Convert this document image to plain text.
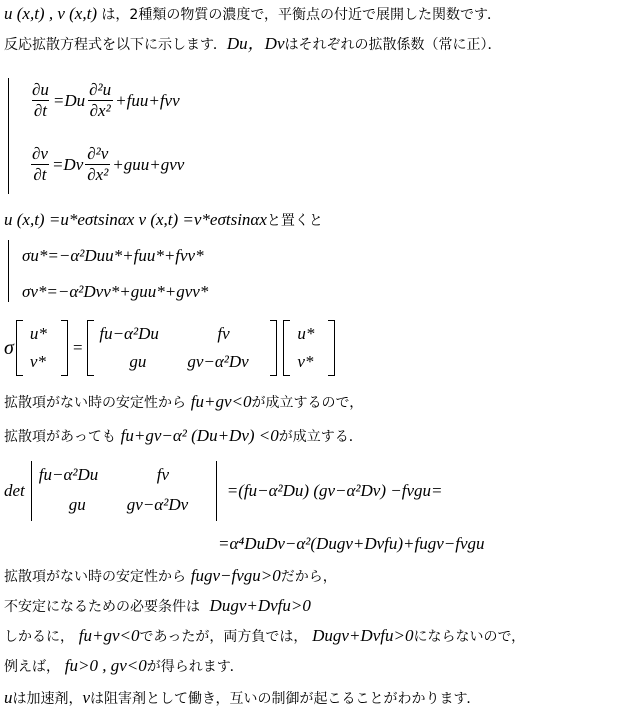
u (x,t) , v (x,t) は，2種類の物質の濃度で，平衡点の付近で展開した関数です．
反応拡散方程式を以下に示します．Du，Dvはそれぞれの拡散係数（常に正）．
$\frac{\partial u}{\partial t} =Du \frac{\text{∂²u}}{\text{∂x²}} +fuu+fvv$
$\frac{\partial v}{\partial t} =Dv \frac{\text{∂²v}}{\text{∂x²}} +guu+gvv$
u (x,t) =u*eσtsinαx v (x,t) =v*eσtsinαxと置くと
σu*=−α²Duu*+fuu*+fvv*
σv*=−α²Dvv*+guu*+gvv*
σ
u*
v*
=
fu−α²Du	fv
gu gv−α²Dv
u*
v*
拡散項がない時の安定性から fu+gv<0が成立するので，
拡散項があっても fu+gv−α² (Du+Dv) <0が成立する．
det
fu−α²Du	fv
gu gv−α²Dv
=(fu−α²Du) (gv−α²Dv) −fvgu=
=α⁴DuDv−α²(Dugv+Dvfu)+fugv−fvgu
拡散項がない時の安定性から fugv−fvgu>0だから，
不安定になるための必要条件は Dugv+Dvfu>0
しかるに， fu+gv<0であったが，両方負では， Dugv+Dvfu>0にならないので，
例えば， fu>0 , gv<0が得られます．
uは加速剤，vは阻害剤として働き，互いの制御が起こることがわかります．
